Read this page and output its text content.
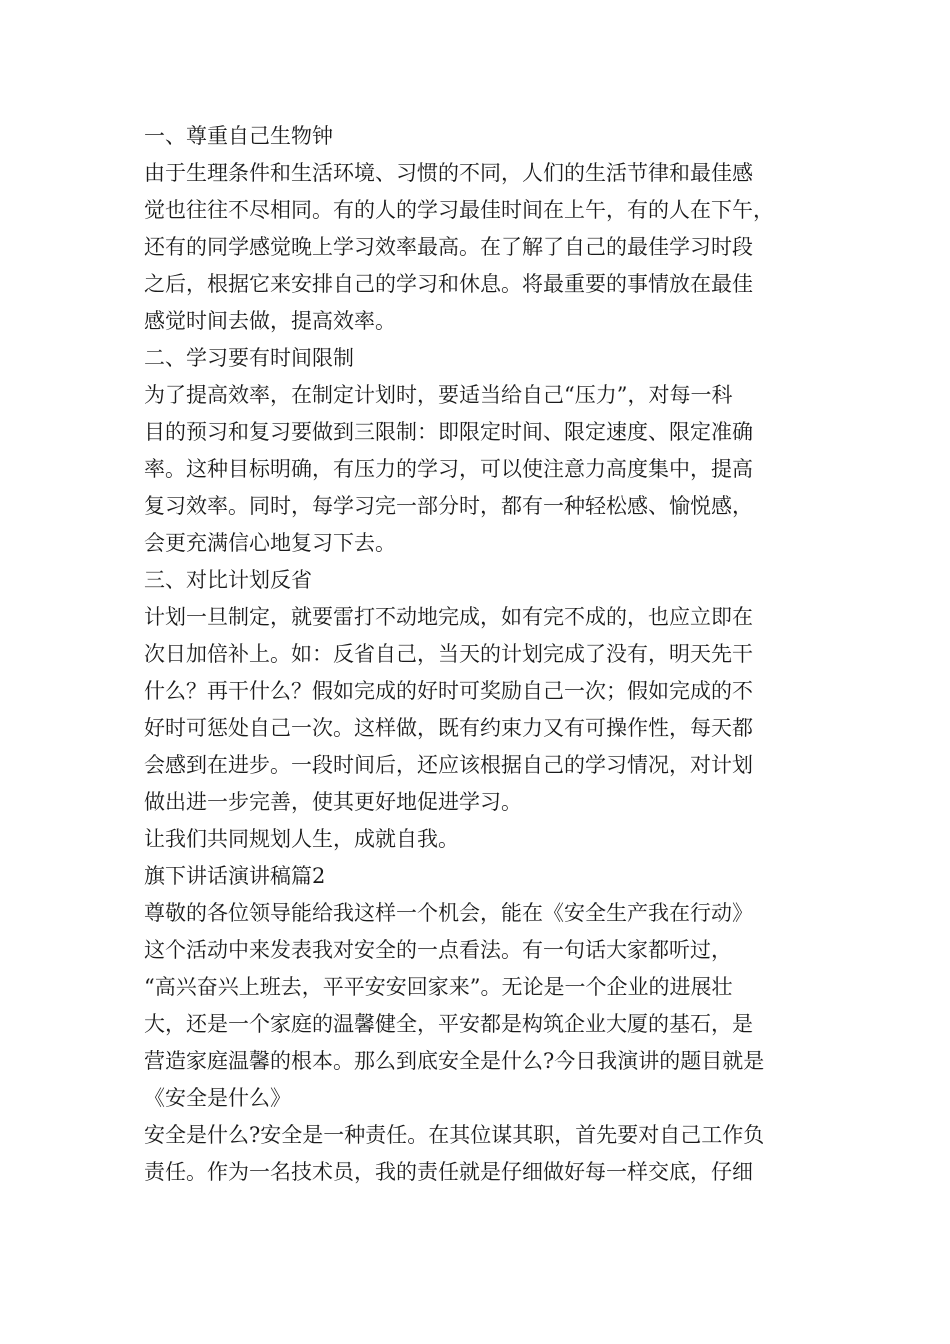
一、尊重自己生物钟

由于生理条件和生活环境、习惯的不同，人们的生活节律和最佳感

觉也往往不尽相同。有的人的学习最佳时间在上午，有的人在下午，

还有的同学感觉晚上学习效率最高。在了解了自己的最佳学习时段

之后，根据它来安排自己的学习和休息。将最重要的事情放在最佳

感觉时间去做，提高效率。

二、学习要有时间限制

为了提高效率，在制定计划时，要适当给自己“压力”，对每一科

目的预习和复习要做到三限制：即限定时间、限定速度、限定准确

率。这种目标明确，有压力的学习，可以使注意力高度集中，提高

复习效率。同时，每学习完一部分时，都有一种轻松感、愉悦感，

会更充满信心地复习下去。

三、对比计划反省

计划一旦制定，就要雷打不动地完成，如有完不成的，也应立即在

次日加倍补上。如：反省自己，当天的计划完成了没有，明天先干

什么？再干什么？假如完成的好时可奖励自己一次；假如完成的不

好时可惩处自己一次。这样做，既有约束力又有可操作性，每天都

会感到在进步。一段时间后，还应该根据自己的学习情况，对计划

做出进一步完善，使其更好地促进学习。

让我们共同规划人生，成就自我。

旗下讲话演讲稿篇2

尊敬的各位领导能给我这样一个机会，能在《安全生产我在行动》

这个活动中来发表我对安全的一点看法。有一句话大家都听过，

“高兴奋兴上班去，平平安安回家来”。无论是一个企业的进展壮

大，还是一个家庭的温馨健全，平安都是构筑企业大厦的基石，是

营造家庭温馨的根本。那么到底安全是什么?今日我演讲的题目就是

《安全是什么》

安全是什么?安全是一种责任。在其位谋其职，首先要对自己工作负

责任。作为一名技术员，我的责任就是仔细做好每一样交底，仔细
